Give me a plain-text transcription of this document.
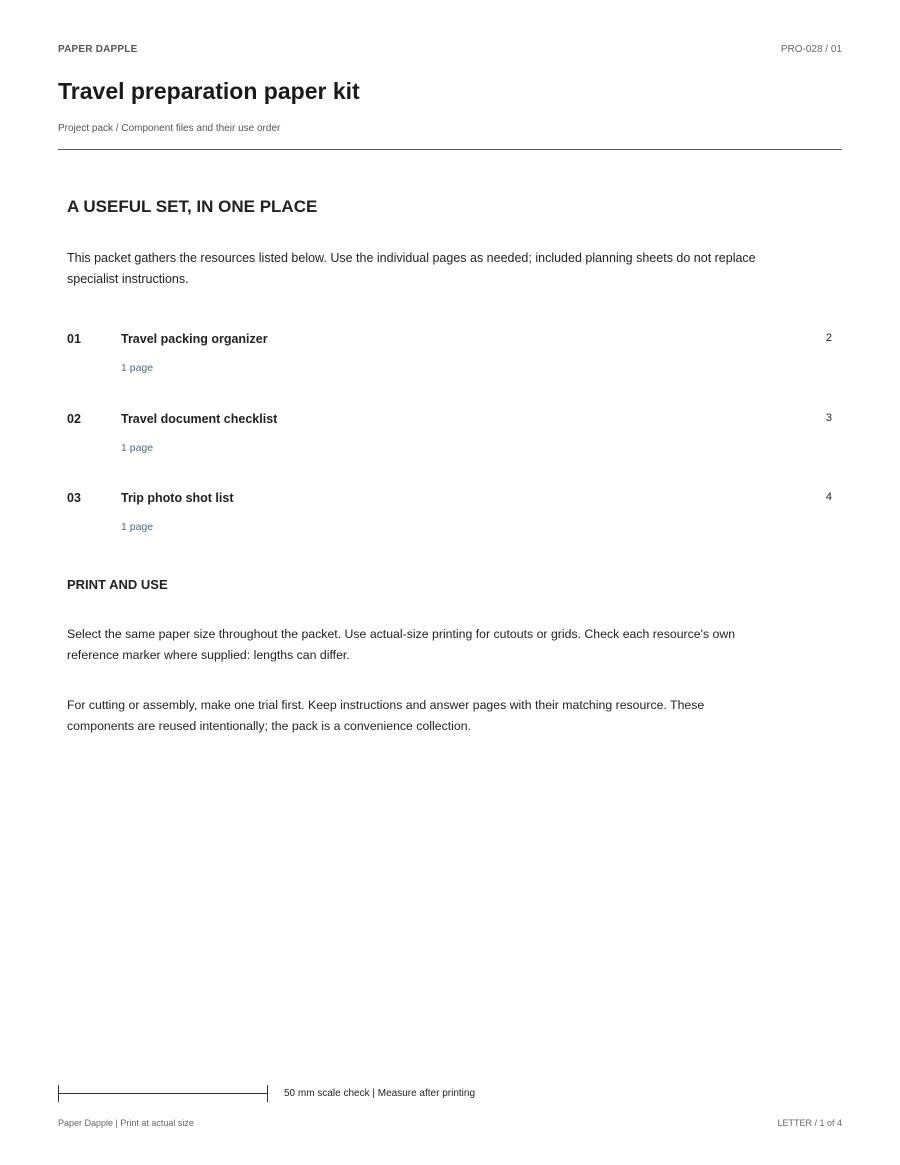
PAPER DAPPLE	PRO-028 / 01
Travel preparation paper kit
Project pack / Component files and their use order
A USEFUL SET, IN ONE PLACE

This packet gathers the resources listed below. Use the individual pages as needed; included planning sheets do not replace specialist instructions.

01	Travel packing organizer	2
1 page
02	Travel document checklist	3
1 page
03	Trip photo shot list	4
1 page
PRINT AND USE

Select the same paper size throughout the packet. Use actual-size printing for cutouts or grids. Check each resource's own reference marker where supplied: lengths can differ.

For cutting or assembly, make one trial first. Keep instructions and answer pages with their matching resource. These components are reused intentionally; the pack is a convenience collection.

50 mm scale check | Measure after printing
Paper Dapple | Print at actual size	LETTER / 1 of 4
